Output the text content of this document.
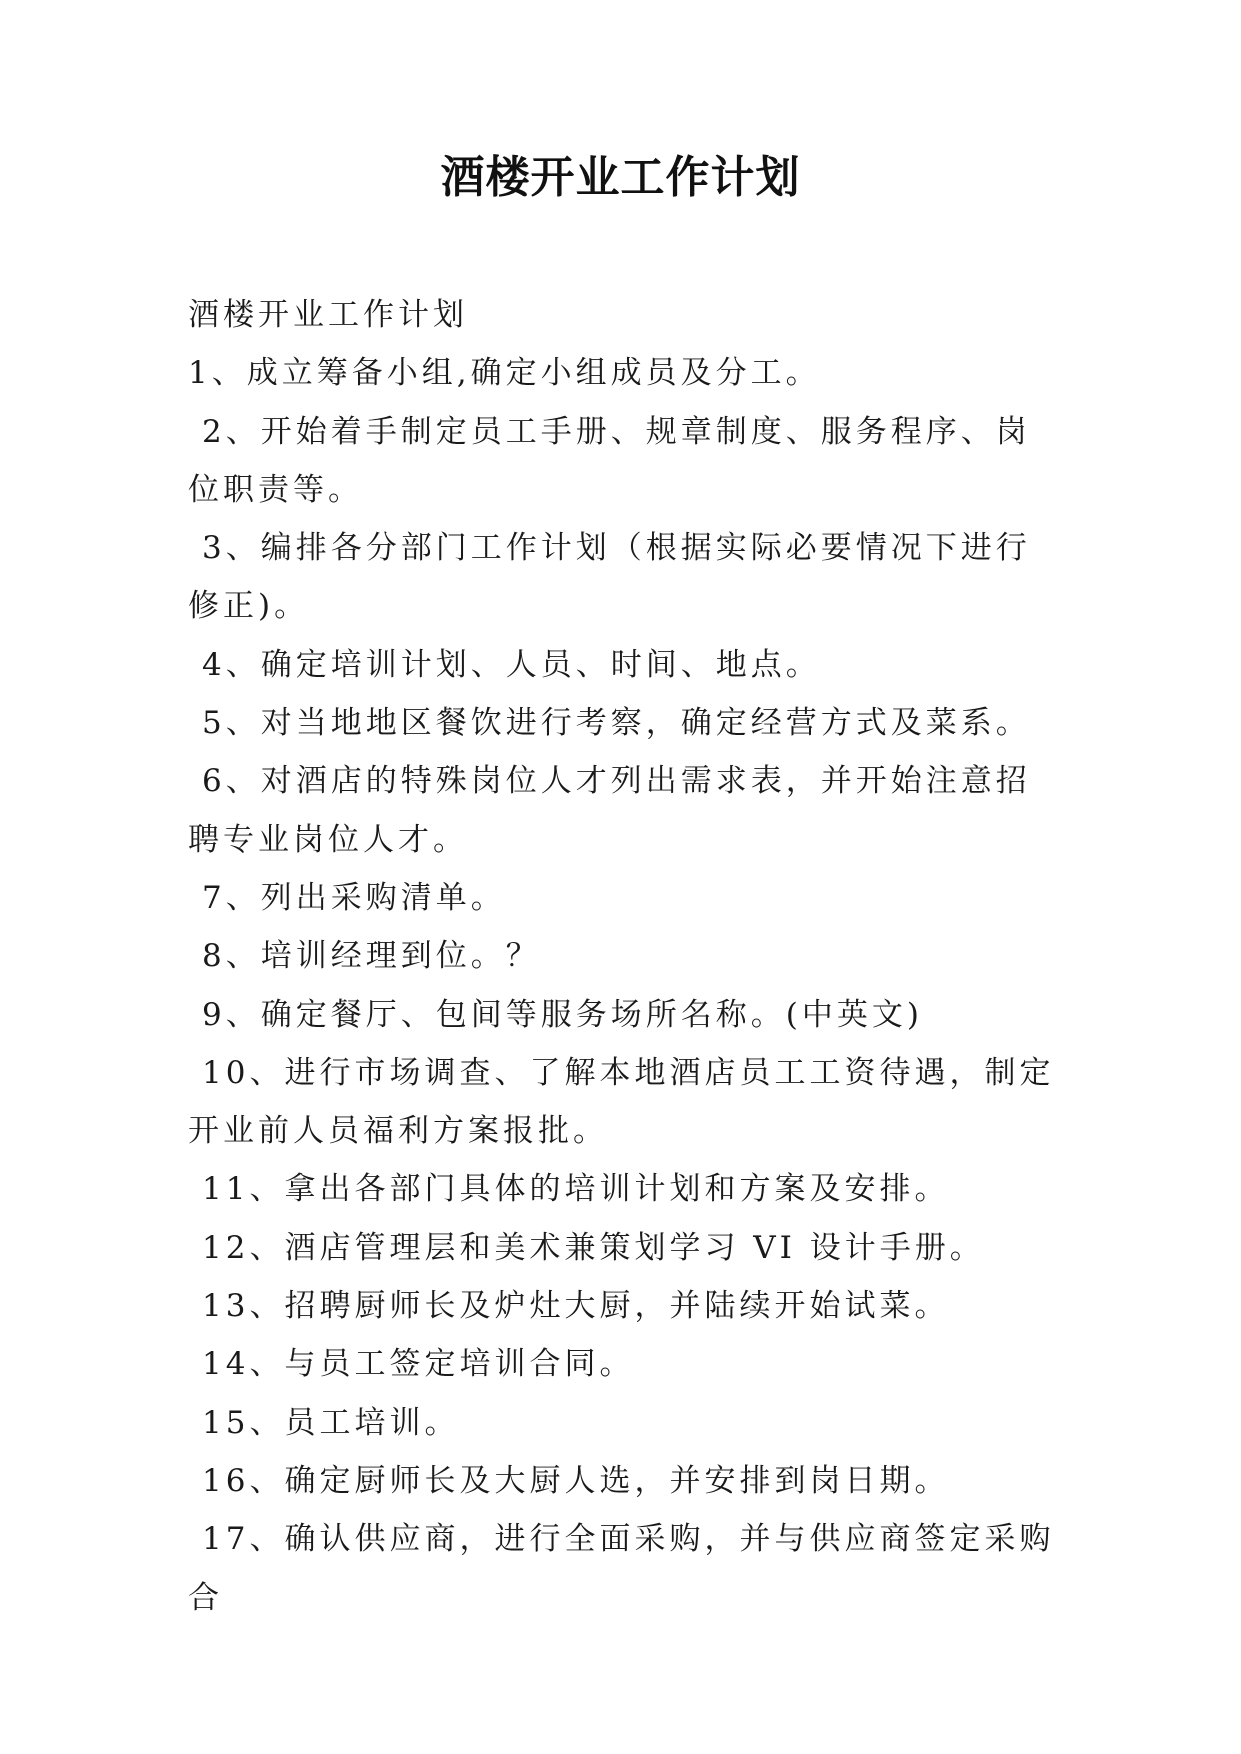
酒楼开业工作计划

酒楼开业工作计划

1、成立筹备小组,确定小组成员及分工。

2、开始着手制定员工手册、规章制度、服务程序、岗位职责等。

3、编排各分部门工作计划（根据实际必要情况下进行修正)。

4、确定培训计划、人员、时间、地点。

5、对当地地区餐饮进行考察，确定经营方式及菜系。

6、对酒店的特殊岗位人才列出需求表，并开始注意招聘专业岗位人才。

7、列出采购清单。

8、培训经理到位。？

9、确定餐厅、包间等服务场所名称。(中英文)

10、进行市场调查、了解本地酒店员工工资待遇，制定开业前人员福利方案报批。

11、拿出各部门具体的培训计划和方案及安排。

12、酒店管理层和美术兼策划学习 VI 设计手册。

13、招聘厨师长及炉灶大厨，并陆续开始试菜。

14、与员工签定培训合同。

15、员工培训。

16、确定厨师长及大厨人选，并安排到岗日期。

17、确认供应商，进行全面采购，并与供应商签定采购合
